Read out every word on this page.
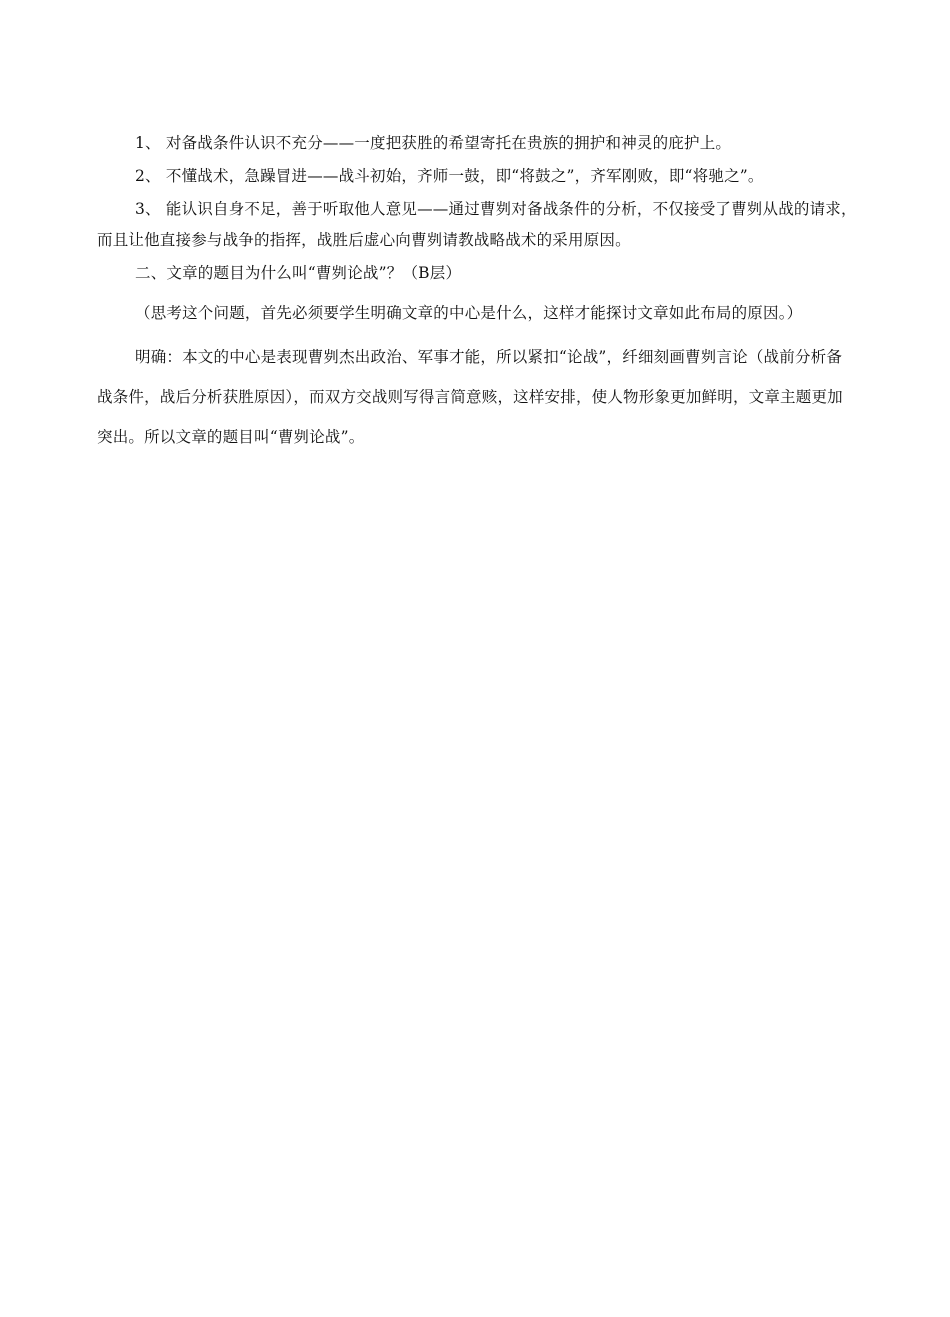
1、 对备战条件认识不充分——一度把获胜的希望寄托在贵族的拥护和神灵的庇护上。

2、 不懂战术，急躁冒进——战斗初始，齐师一鼓，即“将鼓之”，齐军刚败，即“将驰之”。

3、 能认识自身不足，善于听取他人意见——通过曹刿对备战条件的分析，不仅接受了曹刿从战的请求，而且让他直接参与战争的指挥，战胜后虚心向曹刿请教战略战术的采用原因。

二、文章的题目为什么叫“曹刿论战”？（B层）

（思考这个问题，首先必须要学生明确文章的中心是什么，这样才能探讨文章如此布局的原因。）

明确：本文的中心是表现曹刿杰出政治、军事才能，所以紧扣“论战”，纤细刻画曹刿言论（战前分析备战条件，战后分析获胜原因），而双方交战则写得言简意赅，这样安排，使人物形象更加鲜明，文章主题更加突出。所以文章的题目叫“曹刿论战”。
